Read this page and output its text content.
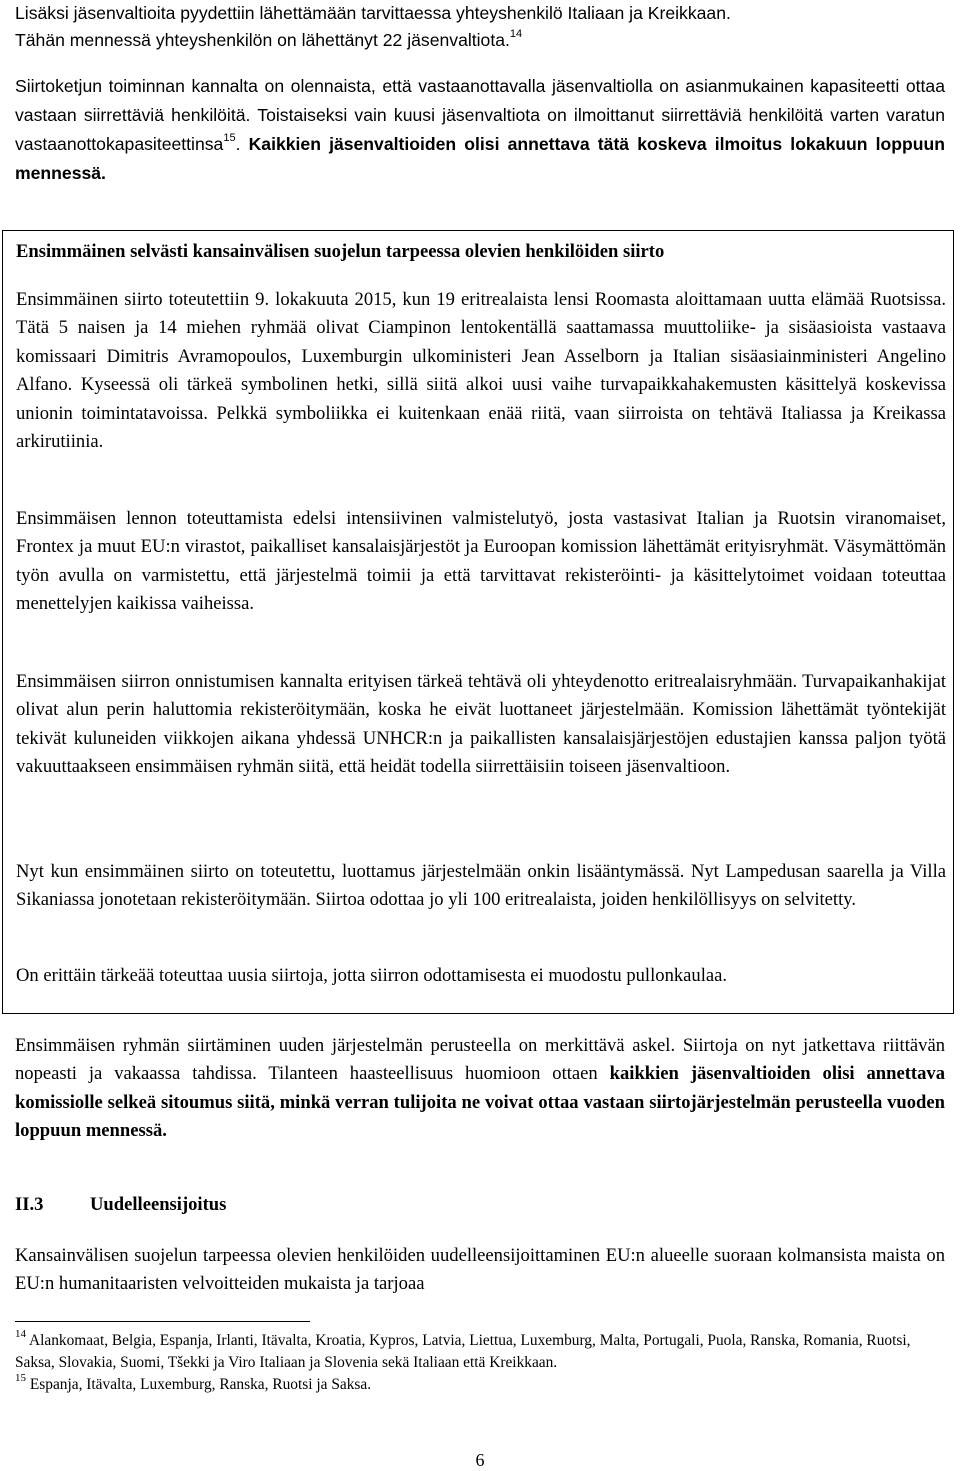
Lisäksi jäsenvaltioita pyydettiin lähettämään tarvittaessa yhteyshenkilö Italiaan ja Kreikkaan.
Tähän mennessä yhteyshenkilön on lähettänyt 22 jäsenvaltiota.$^{14}$

Siirtoketjun toiminnan kannalta on olennaista, että vastaanottavalla jäsenvaltiolla on asianmukainen kapasiteetti ottaa vastaan siirrettäviä henkilöitä. Toistaiseksi vain kuusi jäsenvaltiota on ilmoittanut siirrettäviä henkilöitä varten varatun vastaanottokapasiteettinsa$^{15}$. Kaikkien jäsenvaltioiden olisi annettava tätä koskeva ilmoitus lokakuun loppuun mennessä.

Ensimmäinen selvästi kansainvälisen suojelun tarpeessa olevien henkilöiden siirto

Ensimmäinen siirto toteutettiin 9. lokakuuta 2015, kun 19 eritrealaista lensi Roomasta aloittamaan uutta elämää Ruotsissa. Tätä 5 naisen ja 14 miehen ryhmää olivat Ciampinon lentokentällä saattamassa muuttoliike- ja sisäasioista vastaava komissaari Dimitris Avramopoulos, Luxemburgin ulkoministeri Jean Asselborn ja Italian sisäasiainministeri Angelino Alfano. Kyseessä oli tärkeä symbolinen hetki, sillä siitä alkoi uusi vaihe turvapaikkahakemusten käsittelyä koskevissa unionin toimintatavoissa. Pelkkä symboliikka ei kuitenkaan enää riitä, vaan siirroista on tehtävä Italiassa ja Kreikassa arkirutiinia.

Ensimmäisen lennon toteuttamista edelsi intensiivinen valmistelutyö, josta vastasivat Italian ja Ruotsin viranomaiset, Frontex ja muut EU:n virastot, paikalliset kansalaisjärjestöt ja Euroopan komission lähettämät erityisryhmät. Väsymättömän työn avulla on varmistettu, että järjestelmä toimii ja että tarvittavat rekisteröinti- ja käsittelytoimet voidaan toteuttaa menettelyjen kaikissa vaiheissa.

Ensimmäisen siirron onnistumisen kannalta erityisen tärkeä tehtävä oli yhteydenotto eritrealaisryhmään. Turvapaikanhakijat olivat alun perin haluttomia rekisteröitymään, koska he eivät luottaneet järjestelmään. Komission lähettämät työntekijät tekivät kuluneiden viikkojen aikana yhdessä UNHCR:n ja paikallisten kansalaisjärjestöjen edustajien kanssa paljon työtä vakuuttaakseen ensimmäisen ryhmän siitä, että heidät todella siirrettäisiin toiseen jäsenvaltioon.

Nyt kun ensimmäinen siirto on toteutettu, luottamus järjestelmään onkin lisääntymässä. Nyt Lampedusan saarella ja Villa Sikaniassa jonotetaan rekisteröitymään. Siirtoa odottaa jo yli 100 eritrealaista, joiden henkilöllisyys on selvitetty.

On erittäin tärkeää toteuttaa uusia siirtoja, jotta siirron odottamisesta ei muodostu pullonkaulaa.

Ensimmäisen ryhmän siirtäminen uuden järjestelmän perusteella on merkittävä askel. Siirtoja on nyt jatkettava riittävän nopeasti ja vakaassa tahdissa. Tilanteen haasteellisuus huomioon ottaen kaikkien jäsenvaltioiden olisi annettava komissiolle selkeä sitoumus siitä, minkä verran tulijoita ne voivat ottaa vastaan siirtojärjestelmän perusteella vuoden loppuun mennessä.

II.3	Uudelleensijoitus

Kansainvälisen suojelun tarpeessa olevien henkilöiden uudelleensijoittaminen EU:n alueelle suoraan kolmansista maista on EU:n humanitaaristen velvoitteiden mukaista ja tarjoaa

$^{14}$ Alankomaat, Belgia, Espanja, Irlanti, Itävalta, Kroatia, Kypros, Latvia, Liettua, Luxemburg, Malta, Portugali, Puola, Ranska, Romania, Ruotsi, Saksa, Slovakia, Suomi, Tšekki ja Viro Italiaan ja Slovenia sekä Italiaan että Kreikkaan.

$^{15}$ Espanja, Itävalta, Luxemburg, Ranska, Ruotsi ja Saksa.

6
